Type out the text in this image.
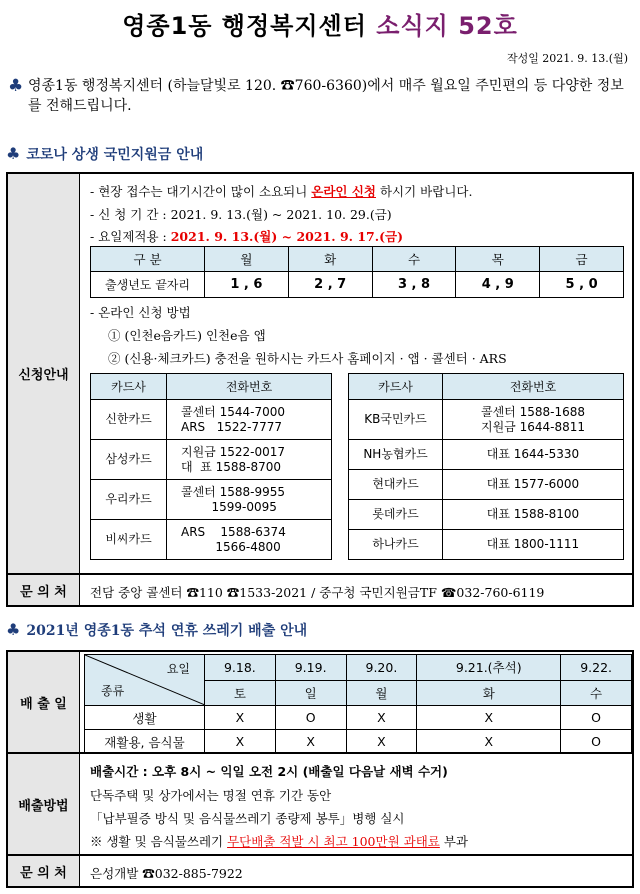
영종1동 행정복지센터 소식지 52호
작성일 2021. 9. 13.(월)
♣ 영종1동 행정복지센터 (하늘달빛로 120. ☎760-6360)에서 매주 월요일 주민편의 등 다양한 정보를 전해드립니다.
♣ 코로나 상생 국민지원금 안내
신청안내
- 현장 접수는 대기시간이 많이 소요되니 온라인 신청 하시기 바랍니다.
- 신 청 기 간 : 2021. 9. 13.(월) ~ 2021. 10. 29.(금)
- 요일제적용 : 2021. 9. 13.(월) ~ 2021. 9. 17.(금)
구 분	월	화	수	목	금
출생년도 끝자리	1 , 6	2 , 7	3 , 8	4 , 9	5 , 0
- 온라인 신청 방법
① (인천e음카드) 인천e음 앱
② (신용·체크카드) 충전을 원하시는 카드사 홈페이지 · 앱 · 콜센터 · ARS
카드사	전화번호
신한카드	콜센터 1544-7000
ARS   1522-7777

삼성카드	지원금 1522-0017
대  표 1588-8700

우리카드	콜센터 1588-9955
1599-0095

비씨카드	ARS    1588-6374
1566-4800
카드사	전화번호
KB국민카드	콜센터 1588-1688
지원금 1644-8811

NH농협카드	대표 1644-5330
현대카드	대표 1577-6000
롯데카드	대표 1588-8100
하나카드	대표 1800-1111
문 의 처	전담 중앙 콜센터 ☎110 ☎1533-2021 / 중구청 국민지원금TF ☎032-760-6119
♣ 2021년 영종1동 추석 연휴 쓰레기 배출 안내
배 출 일
요일
종류	9.18.	9.19.	9.20.	9.21.(추석)	9.22.
	토	일	월	화	수
생활	X	O	X	X	O
재활용, 음식물	X	X	X	X	O
배출방법
배출시간 : 오후 8시 ~ 익일 오전 2시 (배출일 다음날 새벽 수거)
단독주택 및 상가에서는 명절 연휴 기간 동안
「납부필증 방식 및 음식물쓰레기 종량제 봉투」병행 실시
※ 생활 및 음식물쓰레기 무단배출 적발 시 최고 100만원 과태료 부과
문 의 처	은성개발 ☎032-885-7922
